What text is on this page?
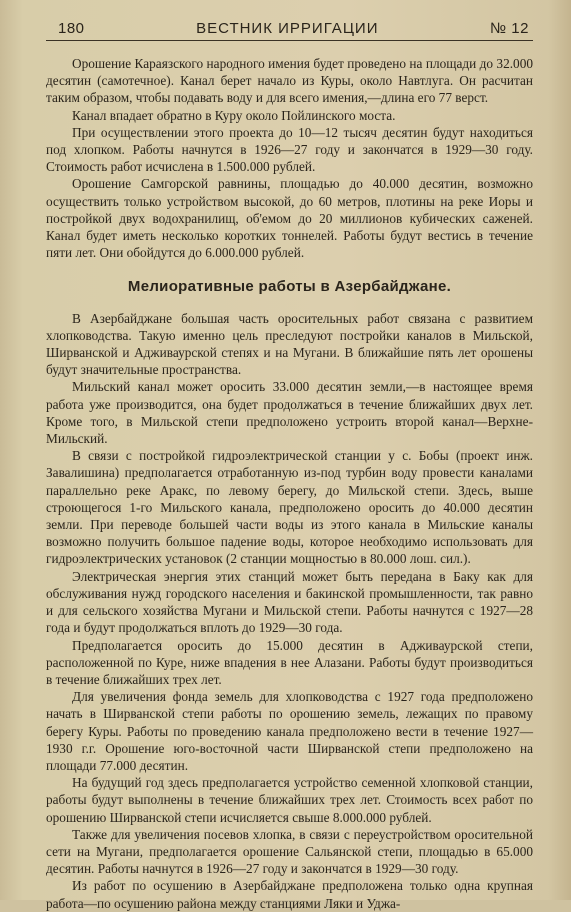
180	ВЕСТНИК ИРРИГАЦИИ	№ 12

Орошение Караязского народного имения будет проведено на площади до 32.000 десятин (самотечное). Канал берет начало из Куры, около Навтлуга. Он расчитан таким образом, чтобы подавать воду и для всего имения,—длина его 77 верст.

Канал впадает обратно в Куру около Пойлинского моста.

При осуществлении этого проекта до 10—12 тысяч десятин будут находиться под хлопком. Работы начнутся в 1926—27 году и закончатся в 1929—30 году. Стоимость работ исчислена в 1.500.000 рублей.

Орошение Самгорской равнины, площадью до 40.000 десятин, возможно осуществить только устройством высокой, до 60 метров, плотины на реке Иоры и постройкой двух водохранилищ, об'емом до 20 миллионов кубических саженей. Канал будет иметь несколько коротких тоннелей. Работы будут вестись в течение пяти лет. Они обойдутся до 6.000.000 рублей.

Мелиоративные работы в Азербайджане.

В Азербайджане большая часть оросительных работ связана с развитием хлопководства. Такую именно цель преследуют постройки каналов в Мильской, Ширванской и Адживаурской степях и на Мугани. В ближайшие пять лет орошены будут значительные пространства.

Мильский канал может оросить 33.000 десятин земли,—в настоящее время работа уже производится, она будет продолжаться в течение ближайших двух лет. Кроме того, в Мильской степи предположено устроить второй канал—Верхне-Мильский.

В связи с постройкой гидроэлектрической станции у с. Бобы (проект инж. Завалишина) предполагается отработанную из-под турбин воду провести каналами параллельно реке Аракс, по левому берегу, до Мильской степи. Здесь, выше строющегося 1-го Мильского канала, предположено оросить до 40.000 десятин земли. При переводе большей части воды из этого канала в Мильские каналы возможно получить большое падение воды, которое необходимо использовать для гидроэлектрических установок (2 станции мощностью в 80.000 лош. сил.).

Электрическая энергия этих станций может быть передана в Баку как для обслуживания нужд городского населения и бакинской промышленности, так равно и для сельского хозяйства Мугани и Мильской степи. Работы начнутся с 1927—28 года и будут продолжаться вплоть до 1929—30 года.

Предполагается оросить до 15.000 десятин в Адживаурской степи, расположенной по Куре, ниже впадения в нее Алазани. Работы будут производиться в течение ближайших трех лет.

Для увеличения фонда земель для хлопководства с 1927 года предположено начать в Ширванской степи работы по орошению земель, лежащих по правому берегу Куры. Работы по проведению канала предположено вести в течение 1927—1930 г.г. Орошение юго-восточной части Ширванской степи предположено на площади 77.000 десятин.

На будущий год здесь предполагается устройство семенной хлопковой станции, работы будут выполнены в течение ближайших трех лет. Стоимость всех работ по орошению Ширванской степи исчисляется свыше 8.000.000 рублей.

Также для увеличения посевов хлопка, в связи с переустройством оросительной сети на Мугани, предполагается орошение Сальянской степи, площадью в 65.000 десятин. Работы начнутся в 1926—27 году и закончатся в 1929—30 году.

Из работ по осушению в Азербайджане предположена только одна крупная работа—по осушению района между станциями Ляки и Уджа-
